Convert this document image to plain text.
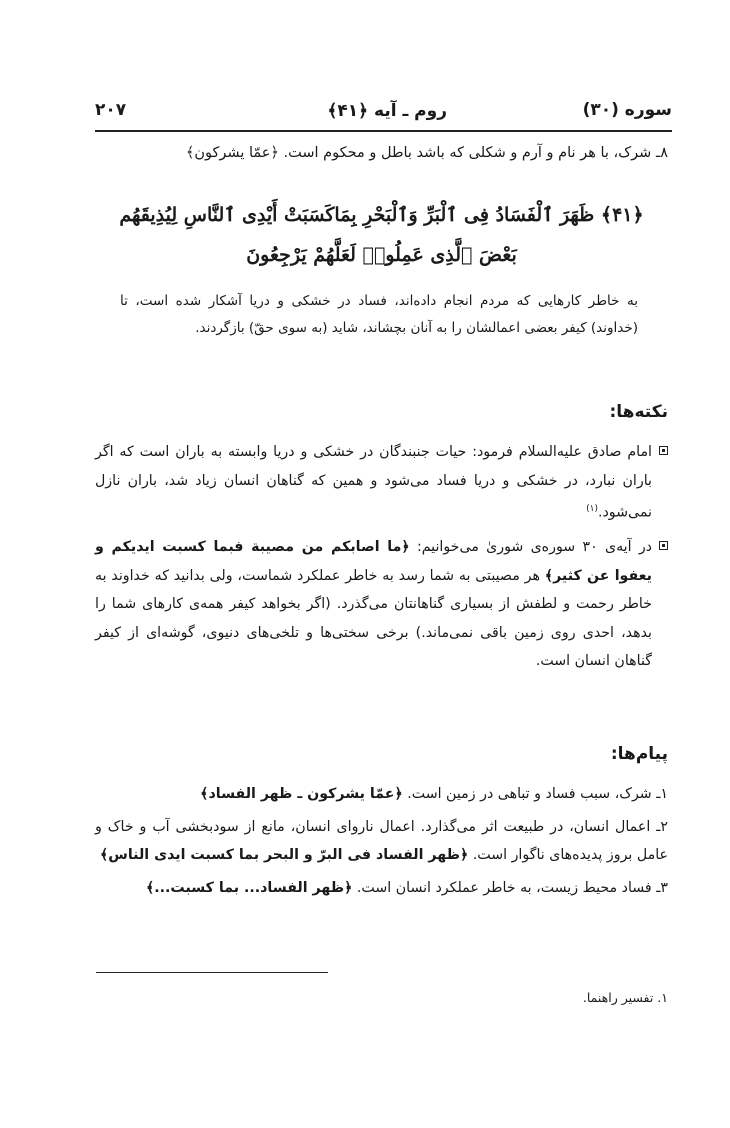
سوره (۳۰)
روم ـ آیه ﴿۴۱﴾
۲۰۷
۸ـ شرک، با هر نام و آرم و شکلی که باشد باطل و محکوم است. ﴿عمّا یشرکون﴾
﴿۴۱﴾ ظَهَرَ ٱلْفَسَادُ فِى ٱلْبَرِّ وَٱلْبَحْرِ بِمَاكَسَبَتْ أَيْدِى ٱلنَّاسِ لِيُذِيقَهُم
بَعْضَ ٱلَّذِى عَمِلُوا۟ لَعَلَّهُمْ يَرْجِعُونَ
به خاطر کارهایی که مردم انجام داده‌اند، فساد در خشکی و دریا آشکار شده است، تا (خداوند) کیفر بعضی اعمالشان را به آنان بچشاند، شاید (به سوی حقّ) بازگردند.
نکته‌ها:
امام صادق علیه‌السلام فرمود: حیات جنبندگان در خشکی و دریا وابسته به باران است که اگر باران نبارد، در خشکی و دریا فساد می‌شود و همین که گناهان انسان زیاد شد، باران نازل نمی‌شود.$^{(۱)}$
در آیه‌ی ۳۰ سوره‌ی شوریٰ می‌خوانیم: ﴿ما اصابکم من مصیبة فبما کسبت ایدیکم و یعفوا عن کثیر﴾ هر مصیبتی به شما رسد به خاطر عملکرد شماست، ولی بدانید که خداوند به خاطر رحمت و لطفش از بسیاری گناهانتان می‌گذرد. (اگر بخواهد کیفر همه‌ی کارهای شما را بدهد، احدی روی زمین باقی نمی‌ماند.) برخی سختی‌ها و تلخی‌های دنیوی، گوشه‌ای از کیفر گناهان انسان است.
پیام‌ها:
۱ـ شرک، سبب فساد و تباهی در زمین است. ﴿عمّا یشرکون ـ ظهر الفساد﴾
۲ـ اعمال انسان، در طبیعت اثر می‌گذارد. اعمال ناروای انسان، مانع از سودبخشی آب و خاک و عامل بروز پدیده‌های ناگوار است. ﴿ظهر الفساد فی البرّ و البحر بما کسبت ایدی الناس﴾
۳ـ فساد محیط زیست، به خاطر عملکرد انسان است. ﴿ظهر الفساد... بما کسبت...﴾
۱. تفسیر راهنما.
